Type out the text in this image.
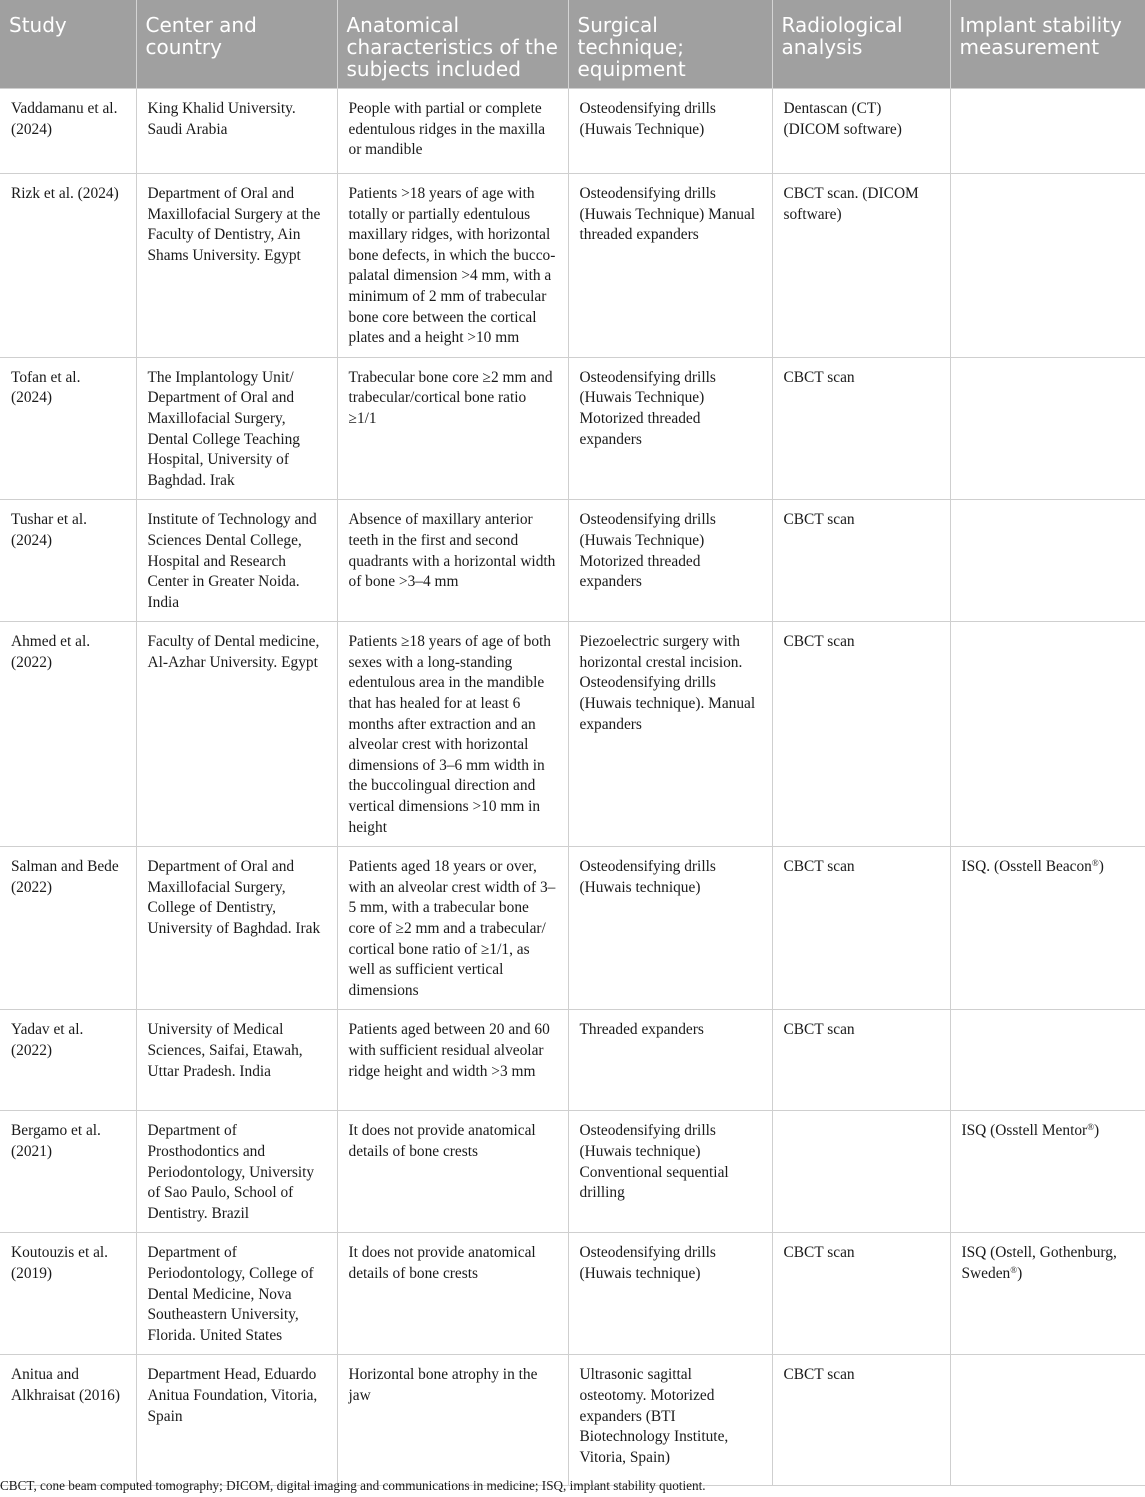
Study	Center and country	Anatomical characteristics of the subjects included	Surgical technique; equipment	Radiological analysis	Implant stability measurement
Vaddamanu et al. (2024)	King Khalid University. Saudi Arabia	People with partial or complete edentulous ridges in the maxilla or mandible	Osteodensifying drills (Huwais Technique)	Dentascan (CT) (DICOM software)	
Rizk et al. (2024)	Department of Oral and Maxillofacial Surgery at the Faculty of Dentistry, Ain Shams University. Egypt	Patients >18 years of age with totally or partially edentulous maxillary ridges, with horizontal bone defects, in which the bucco-palatal dimension >4 mm, with a minimum of 2 mm of trabecular bone core between the cortical plates and a height >10 mm	Osteodensifying drills (Huwais Technique) Manual threaded expanders	CBCT scan. (DICOM software)	
Tofan et al. (2024)	The Implantology Unit/ Department of Oral and Maxillofacial Surgery, Dental College Teaching Hospital, University of Baghdad. Irak	Trabecular bone core ≥2 mm and trabecular/cortical bone ratio ≥1/1	Osteodensifying drills (Huwais Technique) Motorized threaded expanders	CBCT scan	
Tushar et al. (2024)	Institute of Technology and Sciences Dental College, Hospital and Research Center in Greater Noida. India	Absence of maxillary anterior teeth in the first and second quadrants with a horizontal width of bone >3–4 mm	Osteodensifying drills (Huwais Technique) Motorized threaded expanders	CBCT scan	
Ahmed et al. (2022)	Faculty of Dental medicine, Al-Azhar University. Egypt	Patients ≥18 years of age of both sexes with a long-standing edentulous area in the mandible that has healed for at least 6 months after extraction and an alveolar crest with horizontal dimensions of 3–6 mm width in the buccolingual direction and vertical dimensions >10 mm in height	Piezoelectric surgery with horizontal crestal incision. Osteodensifying drills (Huwais technique). Manual expanders	CBCT scan	
Salman and Bede (2022)	Department of Oral and Maxillofacial Surgery, College of Dentistry, University of Baghdad. Irak	Patients aged 18 years or over, with an alveolar crest width of 3–5 mm, with a trabecular bone core of ≥2 mm and a trabecular/ cortical bone ratio of ≥1/1, as well as sufficient vertical dimensions	Osteodensifying drills (Huwais technique)	CBCT scan	ISQ. (Osstell Beacon®)
Yadav et al. (2022)	University of Medical Sciences, Saifai, Etawah, Uttar Pradesh. India	Patients aged between 20 and 60 with sufficient residual alveolar ridge height and width >3 mm	Threaded expanders	CBCT scan	
Bergamo et al. (2021)	Department of Prosthodontics and Periodontology, University of Sao Paulo, School of Dentistry. Brazil	It does not provide anatomical details of bone crests	Osteodensifying drills (Huwais technique) Conventional sequential drilling		ISQ (Osstell Mentor®)
Koutouzis et al. (2019)	Department of Periodontology, College of Dental Medicine, Nova Southeastern University, Florida. United States	It does not provide anatomical details of bone crests	Osteodensifying drills (Huwais technique)	CBCT scan	ISQ (Ostell, Gothenburg, Sweden®)
Anitua and Alkhraisat (2016)	Department Head, Eduardo Anitua Foundation, Vitoria, Spain	Horizontal bone atrophy in the jaw	Ultrasonic sagittal osteotomy. Motorized expanders (BTI Biotechnology Institute, Vitoria, Spain)	CBCT scan	
CBCT, cone beam computed tomography; DICOM, digital imaging and communications in medicine; ISQ, implant stability quotient.
